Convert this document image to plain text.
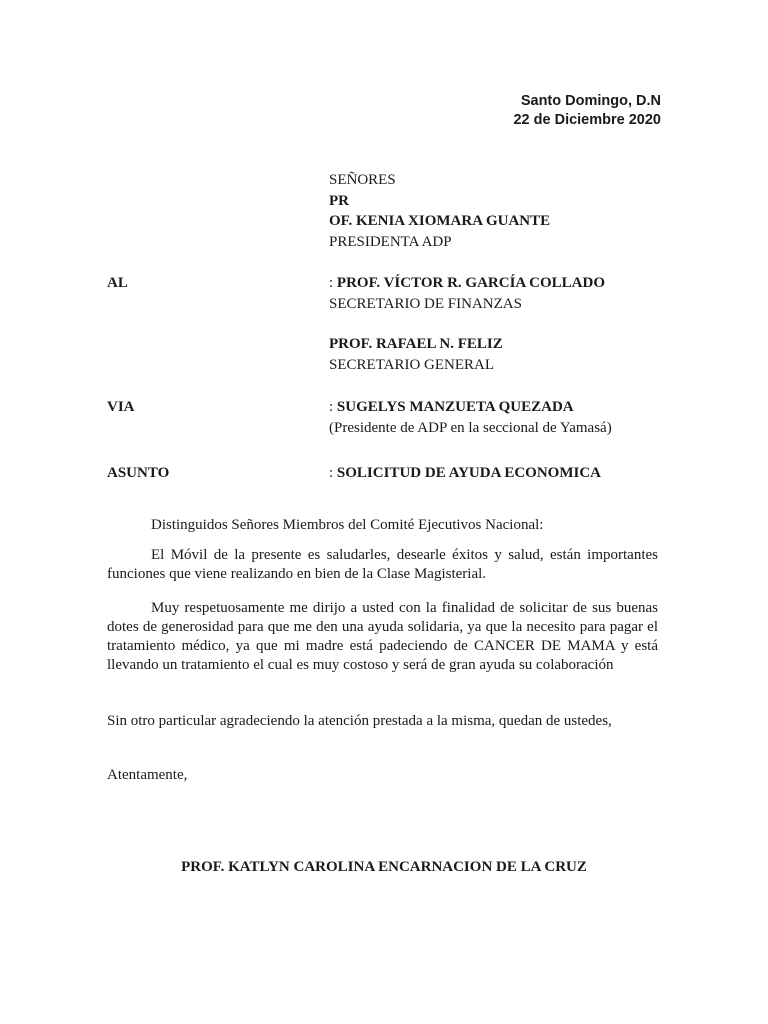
Santo Domingo, D.N
22 de Diciembre 2020
SEÑORES
PR
OF. KENIA XIOMARA GUANTE
PRESIDENTA ADP
AL	: PROF. VÍCTOR R. GARCÍA COLLADO
SECRETARIO DE FINANZAS
PROF. RAFAEL N. FELIZ
SECRETARIO GENERAL
VIA	: SUGELYS MANZUETA QUEZADA
(Presidente de ADP en la seccional de Yamasá)
ASUNTO	: SOLICITUD DE AYUDA ECONOMICA

Distinguidos Señores Miembros del Comité Ejecutivos Nacional:

El Móvil de la presente es saludarles, desearle éxitos y salud, están importantes funciones que viene realizando en bien de la Clase Magisterial.

Muy respetuosamente me dirijo a usted con la finalidad de solicitar de sus buenas dotes de generosidad para que me den una ayuda solidaria, ya que la necesito para pagar el tratamiento médico, ya que mi madre está padeciendo de CANCER DE MAMA y está llevando un tratamiento el cual es muy costoso y será de gran ayuda su colaboración

Sin otro particular agradeciendo la atención prestada a la misma, quedan de ustedes,

Atentamente,

PROF. KATLYN CAROLINA ENCARNACION DE LA CRUZ
